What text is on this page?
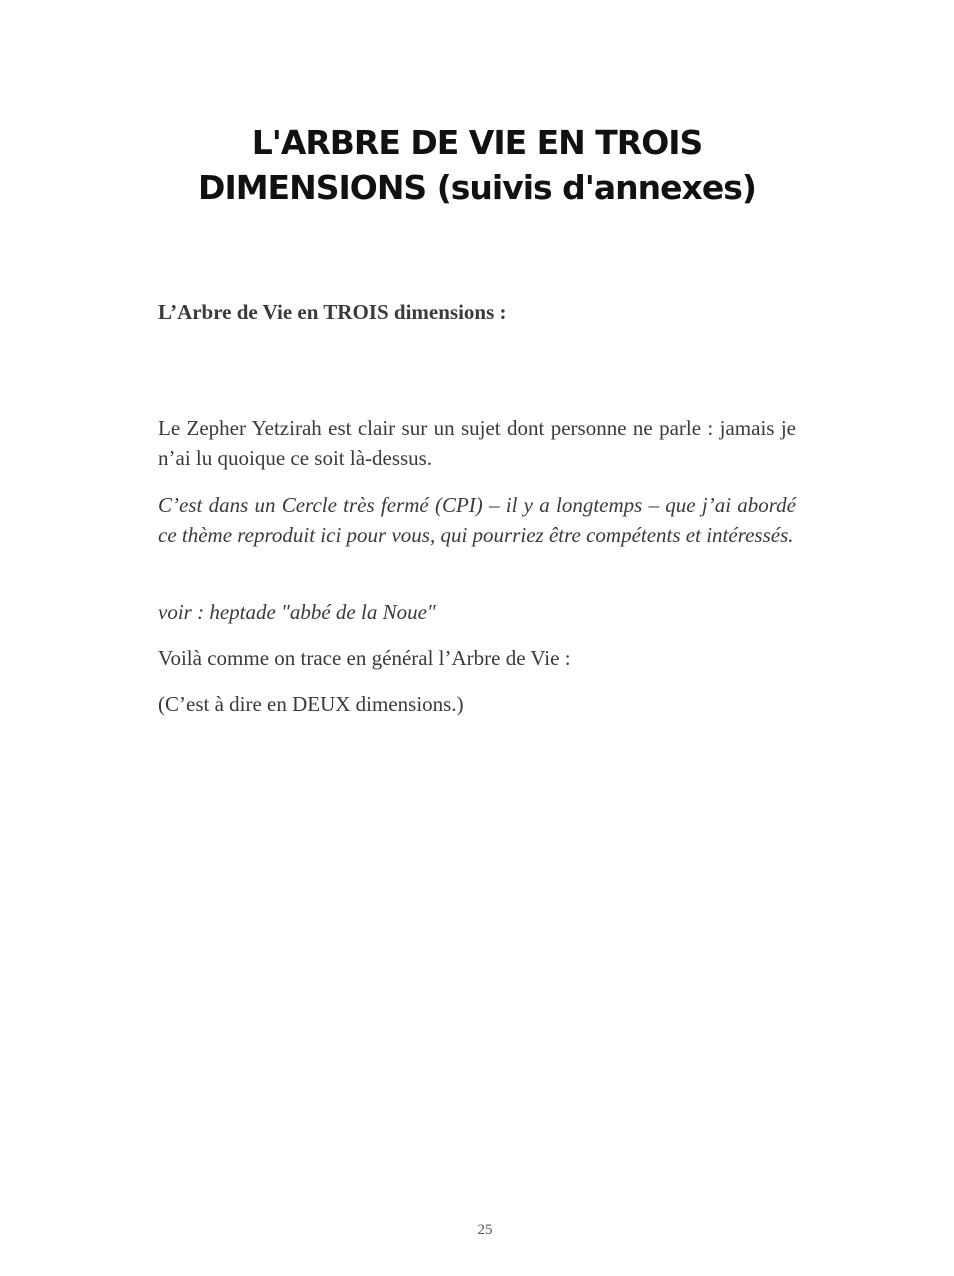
L'ARBRE DE VIE EN TROIS
DIMENSIONS (suivis d'annexes)

L’Arbre de Vie en TROIS dimensions :

Le Zepher Yetzirah est clair sur un sujet dont personne ne parle : jamais je n’ai lu quoique ce soit là-dessus.

C’est dans un Cercle très fermé (CPI) – il y a longtemps – que j’ai abordé ce thème reproduit ici pour vous, qui pourriez être compétents et intéressés.

voir : heptade "abbé de la Noue"

Voilà comme on trace en général l’Arbre de Vie :

(C’est à dire en DEUX dimensions.)

25
